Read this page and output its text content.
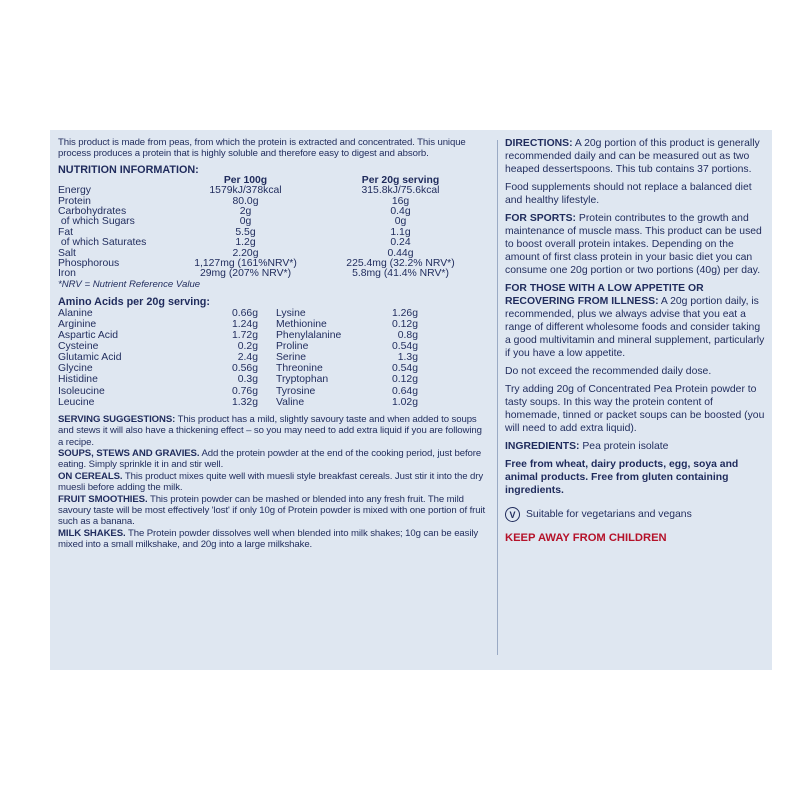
This product is made from peas, from which the protein is extracted and concentrated. This unique process produces a protein that is highly soluble and therefore easy to digest and absorb.

NUTRITION INFORMATION:

	Per 100g	Per 20g serving
Energy	1579kJ/378kcal	315.8kJ/75.6kcal
Protein	80.0g	16g
Carbohydrates	2g	0.4g
of which Sugars	0g	0g
Fat	5.5g	1.1g
of which Saturates	1.2g	0.24
Salt	2.20g	0.44g
Phosphorous	1,127mg (161%NRV*)	225.4mg (32.2% NRV*)
Iron	29mg (207% NRV*)	5.8mg (41.4% NRV*)

*NRV = Nutrient Reference Value

Amino Acids per 20g serving:

Alanine	0.66g	Lysine	1.26g	
Arginine	1.24g	Methionine	0.12g	
Aspartic Acid	1.72g	Phenylalanine	0.8g	
Cysteine	0.2g	Proline	0.54g	
Glutamic Acid	2.4g	Serine	1.3g	
Glycine	0.56g	Threonine	0.54g	
Histidine	0.3g	Tryptophan	0.12g	
Isoleucine	0.76g	Tyrosine	0.64g	
Leucine	1.32g	Valine	1.02g	

SERVING SUGGESTIONS: This product has a mild, slightly savoury taste and when added to soups and stews it will also have a thickening effect – so you may need to add extra liquid if you are following a recipe.

SOUPS, STEWS AND GRAVIES. Add the protein powder at the end of the cooking period, just before eating. Simply sprinkle it in and stir well.

ON CEREALS. This product mixes quite well with muesli style breakfast cereals. Just stir it into the dry muesli before adding the milk.

FRUIT SMOOTHIES. This protein powder can be mashed or blended into any fresh fruit. The mild savoury taste will be most effectively 'lost' if only 10g of Protein powder is mixed with one portion of fruit such as a banana.

MILK SHAKES. The Protein powder dissolves well when blended into milk shakes; 10g can be easily mixed into a small milkshake, and 20g into a large milkshake.

DIRECTIONS: A 20g portion of this product is generally recommended daily and can be measured out as two heaped dessertspoons. This tub contains 37 portions.

Food supplements should not replace a balanced diet and healthy lifestyle.

FOR SPORTS: Protein contributes to the growth and maintenance of muscle mass. This product can be used to boost overall protein intakes. Depending on the amount of first class protein in your basic diet you can consume one 20g portion or two portions (40g) per day.

FOR THOSE WITH A LOW APPETITE OR RECOVERING FROM ILLNESS: A 20g portion daily, is recommended, plus we always advise that you eat a range of different wholesome foods and consider taking a good multivitamin and mineral supplement, particularly if you have a low appetite.

Do not exceed the recommended daily dose.

Try adding 20g of Concentrated Pea Protein powder to tasty soups. In this way the protein content of homemade, tinned or packet soups can be boosted (you will need to add extra liquid).

INGREDIENTS: Pea protein isolate

Free from wheat, dairy products, egg, soya and animal products. Free from gluten containing ingredients.

V	Suitable for vegetarians and vegans

KEEP AWAY FROM CHILDREN
